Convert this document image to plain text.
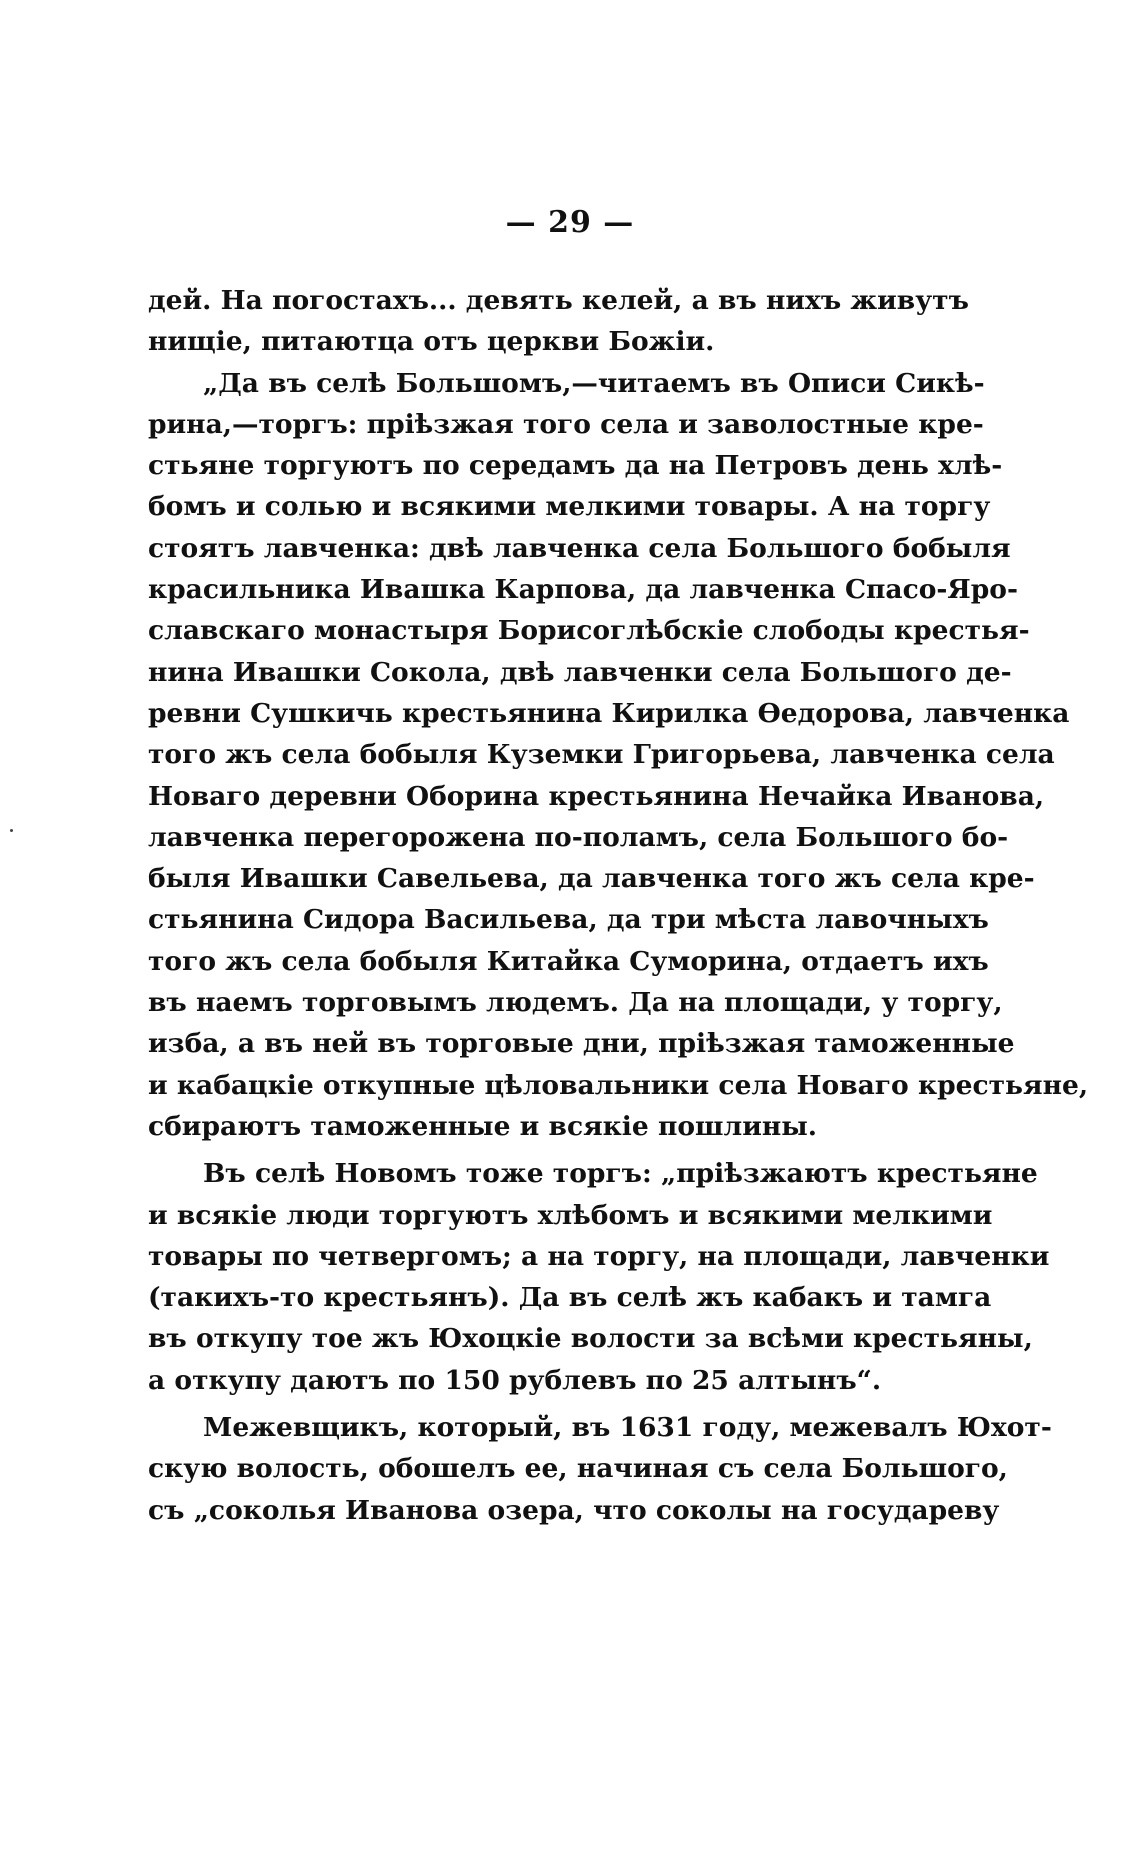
— 29 —
дей. На погостахъ... девять келей, а въ нихъ живутъ
нищіе, питаютца отъ церкви Божіи.
„Да въ селѣ Большомъ,—читаемъ въ Описи Сикѣ-
рина,—торгъ: пріѣзжая того села и заволостные кре-
стьяне торгуютъ по середамъ да на Петровъ день хлѣ-
бомъ и солью и всякими мелкими товары. А на торгу
стоятъ лавченка: двѣ лавченка села Большого бобыля
красильника Ивашка Карпова, да лавченка Спасо-Яро-
славскаго монастыря Борисоглѣбскіе слободы крестья-
нина Ивашки Сокола, двѣ лавченки села Большого де-
ревни Сушкичь крестьянина Кирилка Ѳедорова, лавченка
того жъ села бобыля Кузeмки Григорьева, лавченка села
Новаго деревни Оборина крестьянина Нечайка Иванова,
лавченка перегорожена по-поламъ, села Большого бо-
быля Ивашки Савельева, да лавченка того жъ села кре-
стьянина Сидора Васильева, да три мѣста лавочныхъ
того жъ села бобыля Китайка Суморина, отдаетъ ихъ
въ наемъ торговымъ людемъ. Да на площади, у торгу,
изба, а въ ней въ торговые дни, пріѣзжая таможенные
и кабацкіе откупные цѣловальники села Новаго крестьяне,
сбираютъ таможенные и всякіе пошлины.
Въ селѣ Новомъ тоже торгъ: „пріѣзжаютъ крестьяне
и всякіе люди торгуютъ хлѣбомъ и всякими мелкими
товары по четвергомъ; а на торгу, на площади, лавченки
(такихъ-то крестьянъ). Да въ селѣ жъ кабакъ и тамга
въ откупу тое жъ Юхоцкіе волости за всѣми крестьяны,
а откупу даютъ по 150 рублевъ по 25 алтынъ“.
Межевщикъ, который, въ 1631 году, межевалъ Юхот-
скую волость, обошелъ ее, начиная съ села Большого,
съ „соколья Иванова озера, что соколы на государеву
